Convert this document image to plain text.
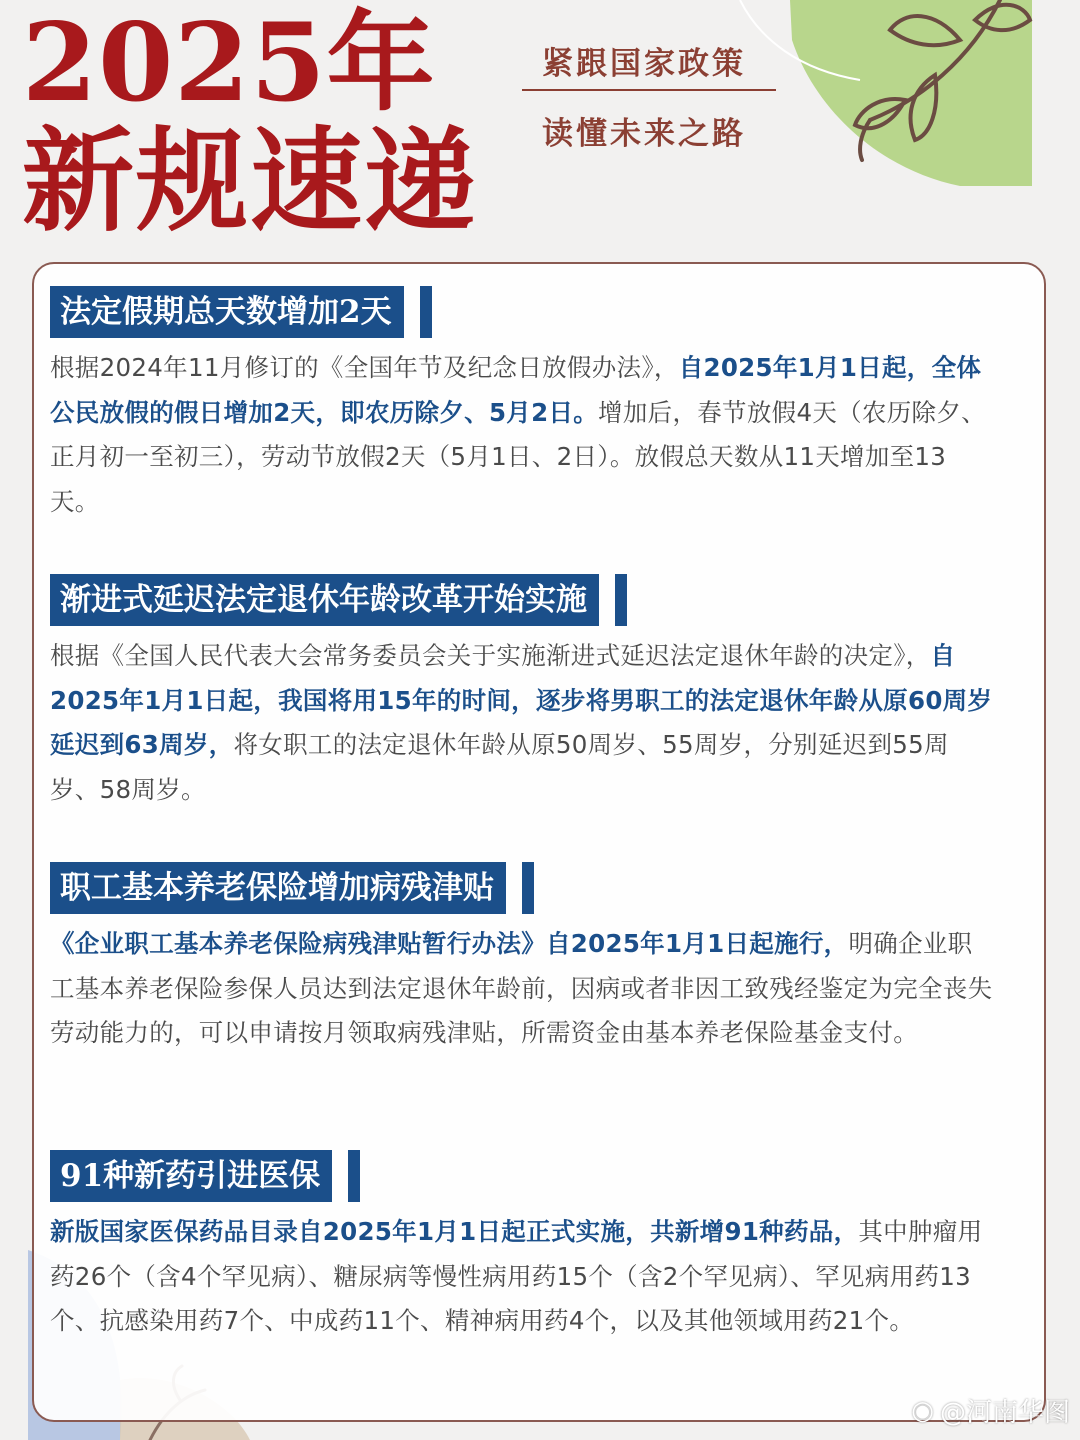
2025年
新规速递
紧跟国家政策
读懂未来之路
法定假期总天数增加2天
根据2024年11月修订的《全国年节及纪念日放假办法》，自2025年1月1日起，全体公民放假的假日增加2天，即农历除夕、5月2日。增加后，春节放假4天（农历除夕、正月初一至初三），劳动节放假2天（5月1日、2日）。放假总天数从11天增加至13天。
渐进式延迟法定退休年龄改革开始实施
根据《全国人民代表大会常务委员会关于实施渐进式延迟法定退休年龄的决定》，自2025年1月1日起，我国将用15年的时间，逐步将男职工的法定退休年龄从原60周岁延迟到63周岁，将女职工的法定退休年龄从原50周岁、55周岁，分别延迟到55周岁、58周岁。
职工基本养老保险增加病残津贴
《企业职工基本养老保险病残津贴暂行办法》自2025年1月1日起施行，明确企业职工基本养老保险参保人员达到法定退休年龄前，因病或者非因工致残经鉴定为完全丧失劳动能力的，可以申请按月领取病残津贴，所需资金由基本养老保险基金支付。
91种新药引进医保
新版国家医保药品目录自2025年1月1日起正式实施，共新增91种药品，其中肿瘤用药26个（含4个罕见病）、糖尿病等慢性病用药15个（含2个罕见病）、罕见病用药13个、抗感染用药7个、中成药11个、精神病用药4个，以及其他领域用药21个。
◉ @河南华图
